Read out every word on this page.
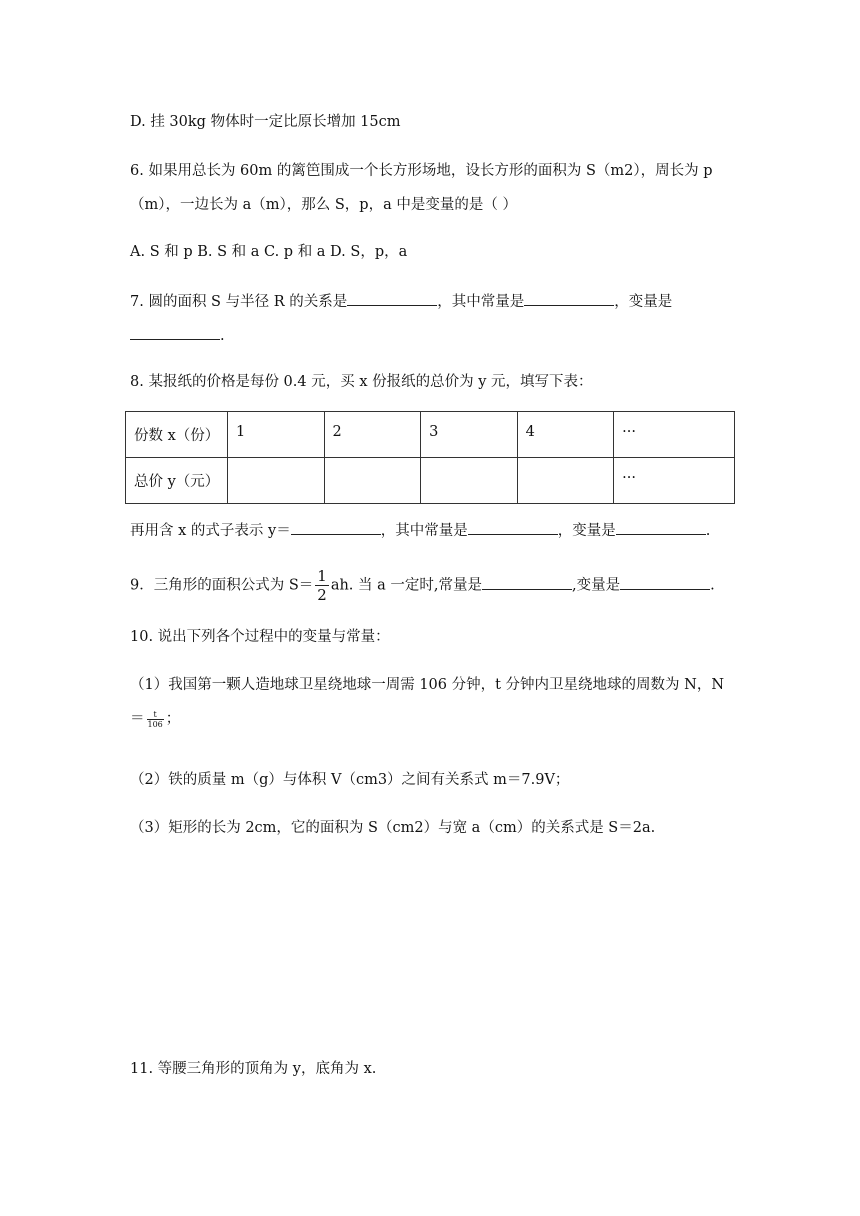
D. 挂 30kg 物体时一定比原长增加 15cm
6. 如果用总长为 60m 的篱笆围成一个长方形场地，设长方形的面积为 S（m2），周长为 p
（m），一边长为 a（m），那么 S，p，a 中是变量的是（ ）
A. S 和 p B. S 和 a C. p 和 a D. S，p，a
7. 圆的面积 S 与半径 R 的关系是	，其中常量是	，变量是
.
8. 某报纸的价格是每份 0.4 元，买 x 份报纸的总价为 y 元，填写下表：
份数 x（份）	1	2	3	4	···
总价 y（元）					···
再用含 x 的式子表示 y＝	，其中常量是	，变量是	.
9．三角形的面积公式为 $S= \frac{1}{2}$ ah. 当 a 一定时,常量是	,变量是	.
10. 说出下列各个过程中的变量与常量：
（1）我国第一颗人造地球卫星绕地球一周需 106 分钟，t 分钟内卫星绕地球的周数为 N，N
＝ $\frac{t}{106}$ ；
（2）铁的质量 m（g）与体积 V（cm3）之间有关系式 m＝7.9V；
（3）矩形的长为 2cm，它的面积为 S（cm2）与宽 a（cm）的关系式是 S＝2a.
11. 等腰三角形的顶角为 y，底角为 x.
